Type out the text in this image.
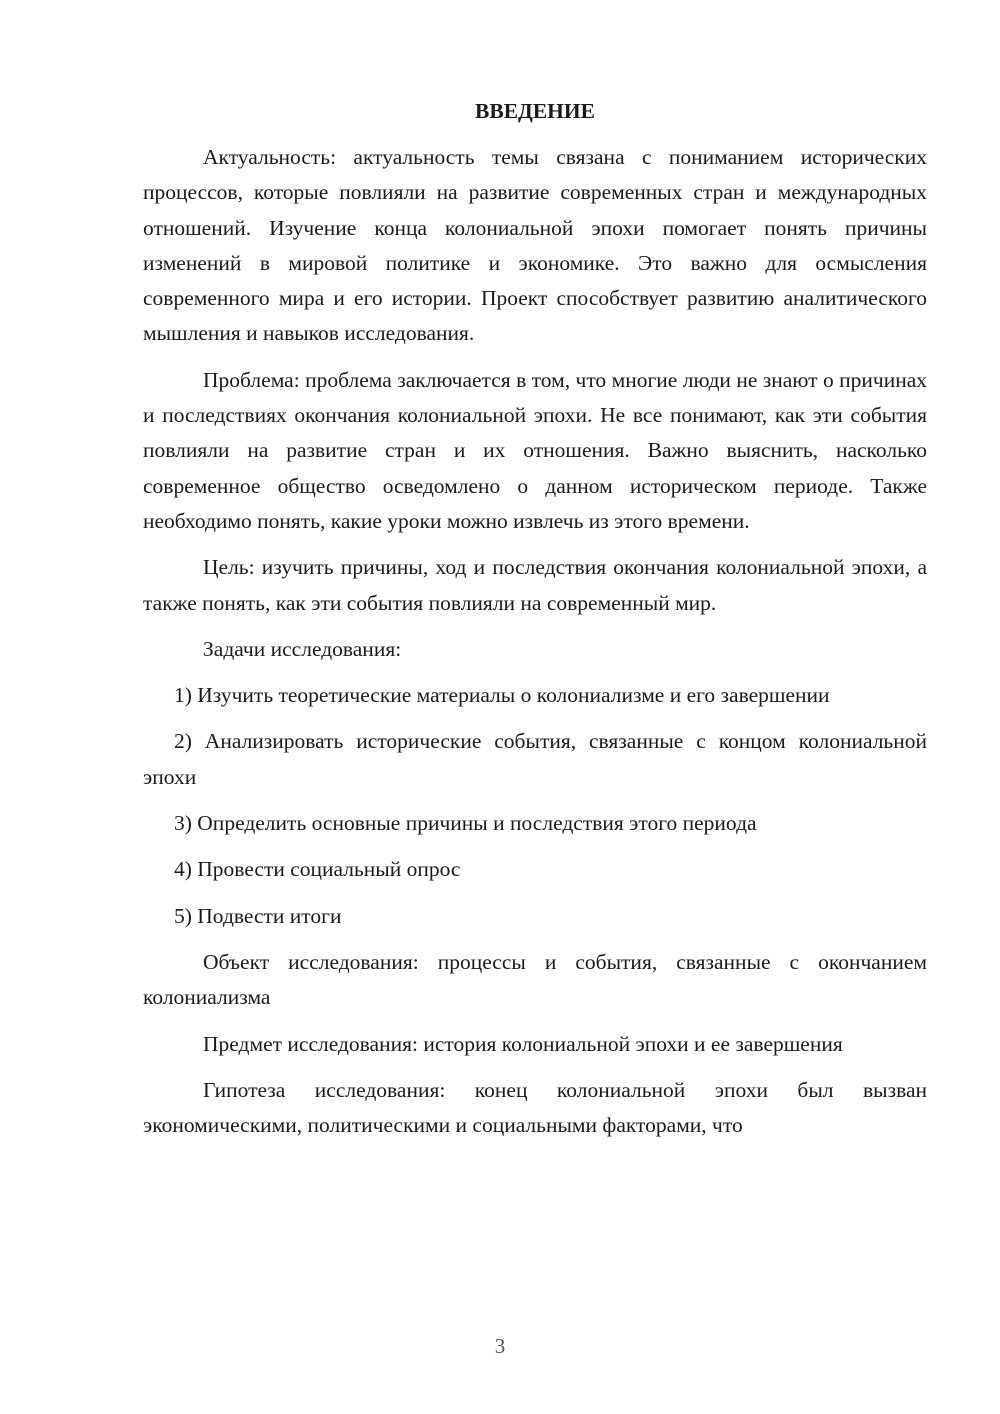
ВВЕДЕНИЕ

Актуальность: актуальность темы связана с пониманием исторических процессов, которые повлияли на развитие современных стран и международных отношений. Изучение конца колониальной эпохи помогает понять причины изменений в мировой политике и экономике. Это важно для осмысления современного мира и его истории. Проект способствует развитию аналитического мышления и навыков исследования.

Проблема: проблема заключается в том, что многие люди не знают о причинах и последствиях окончания колониальной эпохи. Не все понимают, как эти события повлияли на развитие стран и их отношения. Важно выяснить, насколько современное общество осведомлено о данном историческом периоде. Также необходимо понять, какие уроки можно извлечь из этого времени.

Цель: изучить причины, ход и последствия окончания колониальной эпохи, а также понять, как эти события повлияли на современный мир.

Задачи исследования:

1) Изучить теоретические материалы о колониализме и его завершении

2) Анализировать исторические события, связанные с концом колониальной эпохи

3) Определить основные причины и последствия этого периода

4) Провести социальный опрос

5) Подвести итоги

Объект исследования: процессы и события, связанные с окончанием колониализма

Предмет исследования: история колониальной эпохи и ее завершения

Гипотеза исследования: конец колониальной эпохи был вызван экономическими, политическими и социальными факторами, что

3
